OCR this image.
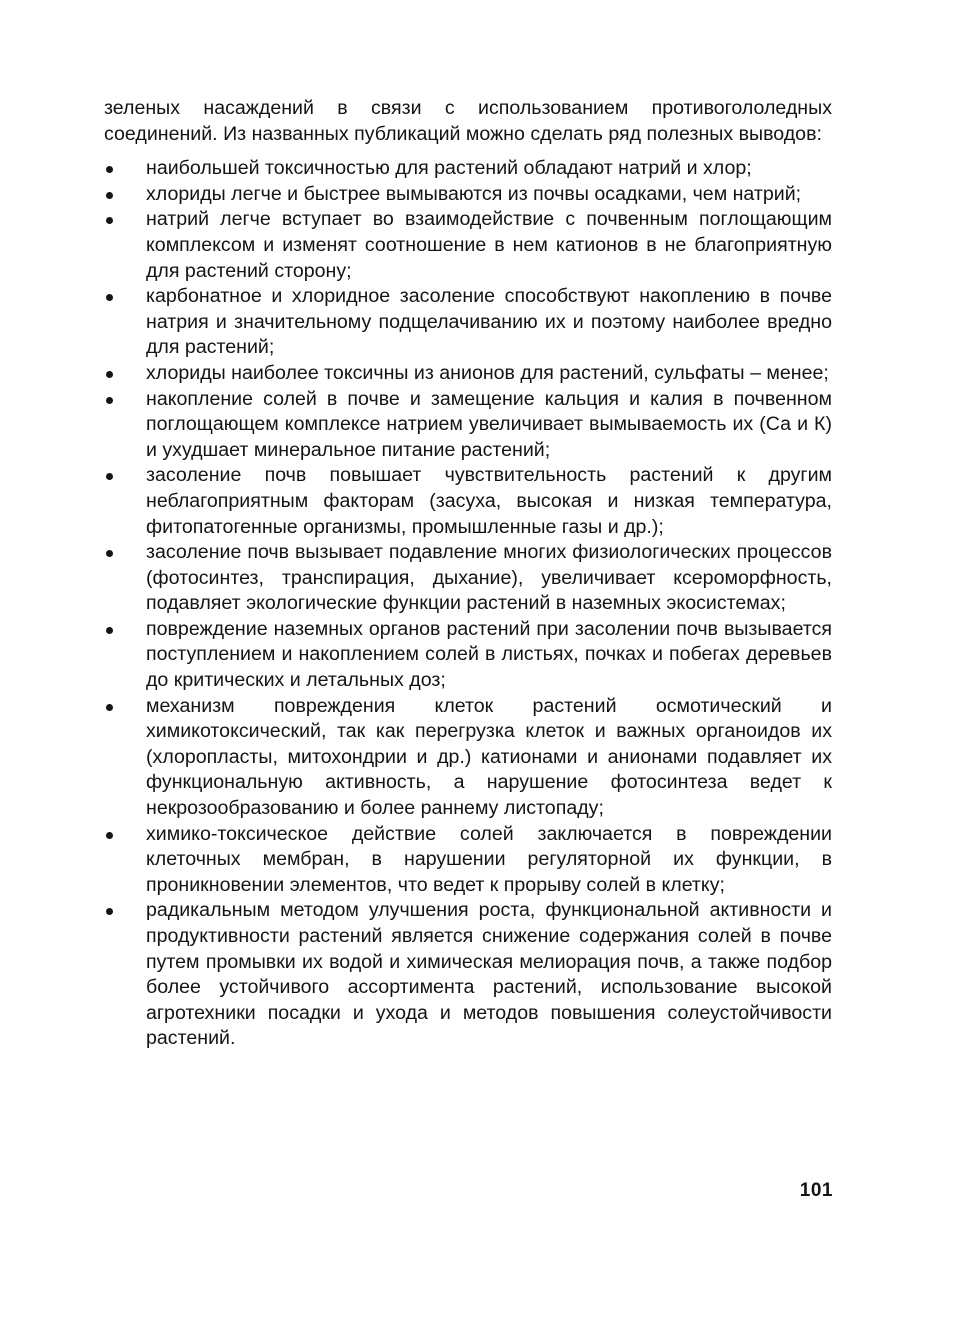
зеленых насаждений в связи с использованием противогололедных соединений. Из названных публикаций можно сделать ряд полезных выводов:

наибольшей токсичностью для растений обладают натрий и хлор;
хлориды легче и быстрее вымываются из почвы осадками, чем натрий;
натрий легче вступает во взаимодействие с почвенным поглощающим комплексом и изменят соотношение в нем катионов в не благоприятную для растений сторону;
карбонатное и хлоридное засоление способствуют накоплению в почве натрия и значительному подщелачиванию их и поэтому наиболее вредно для растений;
хлориды наиболее токсичны из анионов для растений, сульфаты – менее;
накопление солей в почве и замещение кальция и калия в почвенном поглощающем комплексе натрием увеличивает вымываемость их (Са и К) и ухудшает минеральное питание растений;
засоление почв повышает чувствительность растений к другим неблагоприятным факторам (засуха, высокая и низкая температура, фитопатогенные организмы, промышленные газы и др.);
засоление почв вызывает подавление многих физиологических процессов (фотосинтез, транспирация, дыхание), увеличивает ксероморфность, подавляет экологические функции растений в наземных экосистемах;
повреждение наземных органов растений при засолении почв вызывается поступлением и накоплением солей в листьях, почках и побегах деревьев до критических и летальных доз;
механизм повреждения клеток растений осмотический и химикотоксический, так как перегрузка клеток и важных органоидов их (хлоропласты, митохондрии и др.) катионами и анионами подавляет их функциональную активность, а нарушение фотосинтеза ведет к некрозообразованию и более раннему листопаду;
химико-токсическое действие солей заключается в повреждении клеточных мембран, в нарушении регуляторной их функции, в проникновении элементов, что ведет к прорыву солей в клетку;
радикальным методом улучшения роста, функциональной активности и продуктивности растений является снижение содержания солей в почве путем промывки их водой и химическая мелиорация почв, а также подбор более устойчивого ассортимента растений, использование высокой агротехники посадки и ухода и методов повышения солеустойчивости растений.
101
